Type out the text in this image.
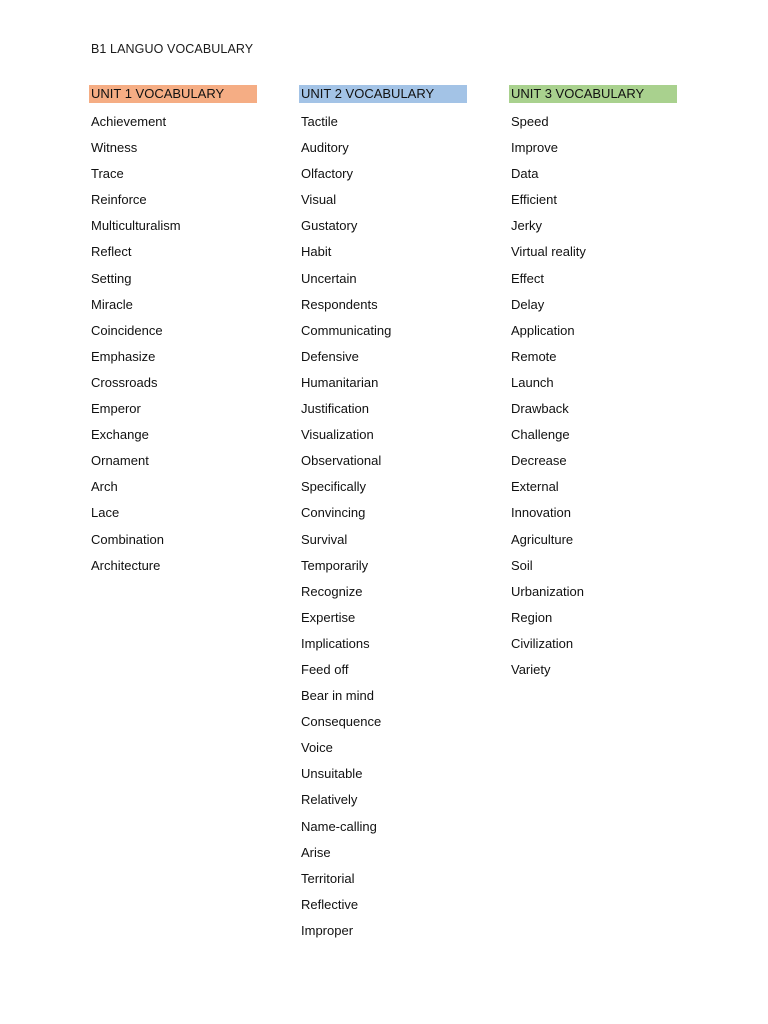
B1 LANGUO VOCABULARY
UNIT 1 VOCABULARY
Achievement
Witness
Trace
Reinforce
Multiculturalism
Reflect
Setting
Miracle
Coincidence
Emphasize
Crossroads
Emperor
Exchange
Ornament
Arch
Lace
Combination
Architecture
UNIT 2 VOCABULARY
Tactile
Auditory
Olfactory
Visual
Gustatory
Habit
Uncertain
Respondents
Communicating
Defensive
Humanitarian
Justification
Visualization
Observational
Specifically
Convincing
Survival
Temporarily
Recognize
Expertise
Implications
Feed off
Bear in mind
Consequence
Voice
Unsuitable
Relatively
Name-calling
Arise
Territorial
Reflective
Improper
UNIT 3 VOCABULARY
Speed
Improve
Data
Efficient
Jerky
Virtual reality
Effect
Delay
Application
Remote
Launch
Drawback
Challenge
Decrease
External
Innovation
Agriculture
Soil
Urbanization
Region
Civilization
Variety
